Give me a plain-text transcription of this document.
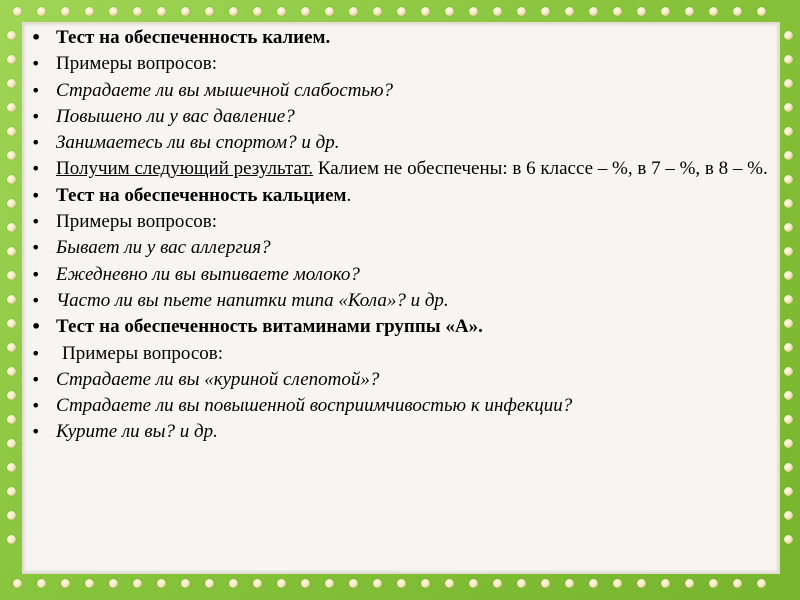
• Тест на обеспеченность калием.
• Примеры вопросов:
• Страдаете ли вы мышечной слабостью?
• Повышено ли у вас давление?
• Занимаетесь ли вы спортом? и др.
• Получим следующий результат. Калием не обеспечены: в 6 классе – %, в 7 – %, в 8 – %.
• Тест на обеспеченность кальцием.
• Примеры вопросов:
• Бывает ли у вас аллергия?
• Ежедневно ли вы выпиваете молоко?
• Часто ли вы пьете напитки типа «Кола»? и др.
• Тест на обеспеченность витаминами группы «А».
• Примеры вопросов:
• Страдаете ли вы «куриной слепотой»?
• Страдаете ли вы повышенной восприимчивостью к инфекции?
• Курите ли вы? и др.
